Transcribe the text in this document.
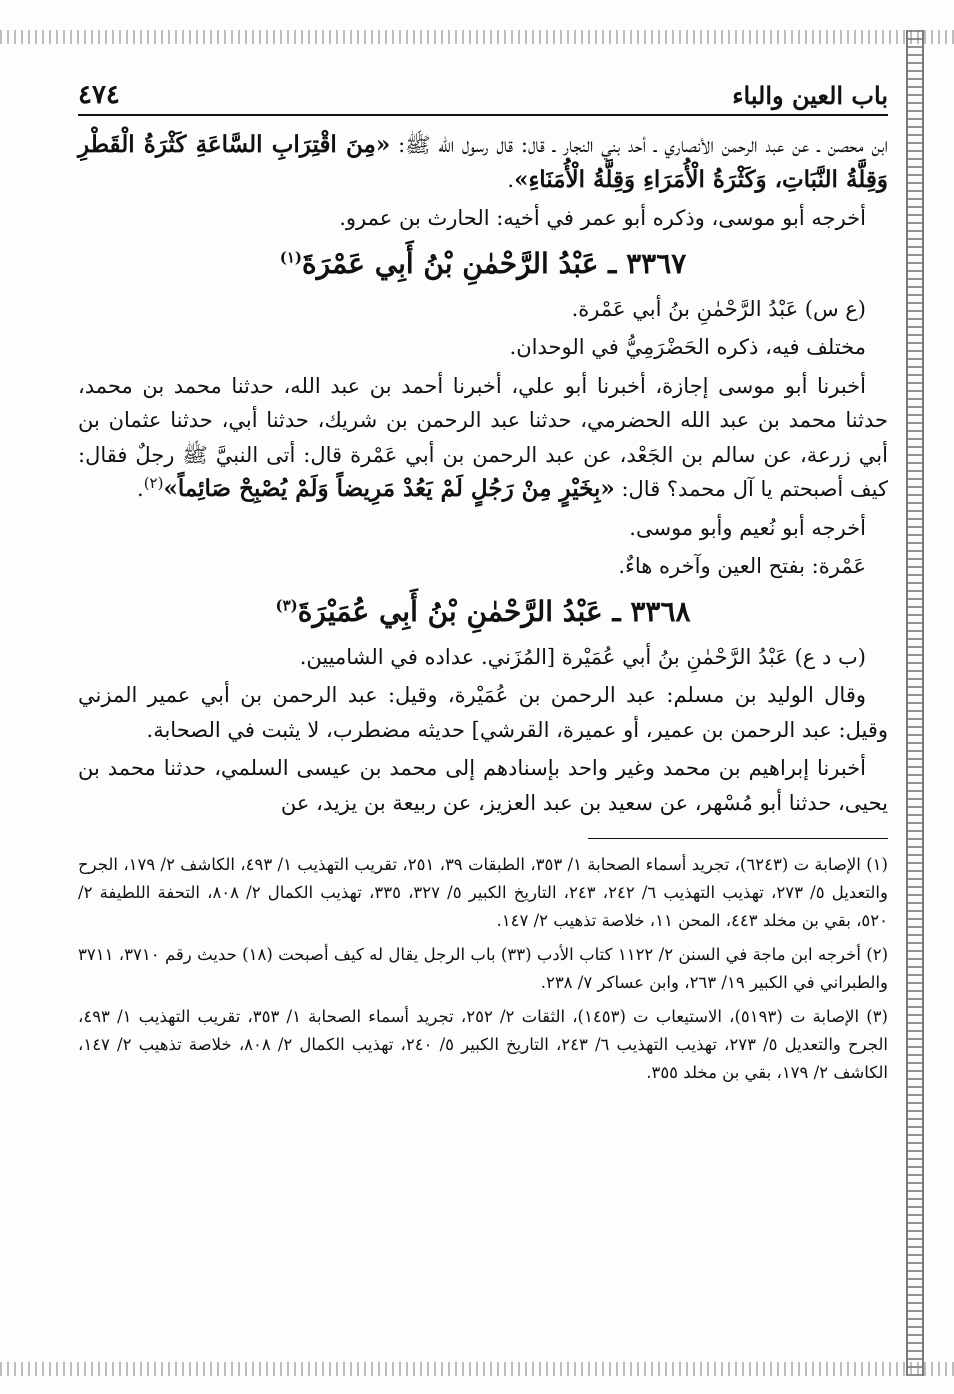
باب العين والباء
٤٧٤

ابن محصن ـ عن عبد الرحمن الأنصاري ـ أحد بني النجار ـ قال: قال رسول الله ﷺ: «مِنَ اقْتِرَابِ السَّاعَةِ كَثْرَةُ الْقَطْرِ وَقِلَّةُ النَّبَاتِ، وَكَثْرَةُ الْأُمَرَاءِ وَقِلَّةُ الْأُمَنَاءِ».

أخرجه أبو موسى، وذكره أبو عمر في أخيه: الحارث بن عمرو.

٣٣٦٧ ـ عَبْدُ الرَّحْمٰنِ بْنُ أَبِي عَمْرَةَ$^{(١)}$

(ع س) عَبْدُ الرَّحْمٰنِ بنُ أبي عَمْرة.

مختلف فيه، ذكره الحَضْرَمِيُّ في الوحدان.

أخبرنا أبو موسى إجازة، أخبرنا أبو علي، أخبرنا أحمد بن عبد الله، حدثنا محمد بن محمد، حدثنا محمد بن عبد الله الحضرمي، حدثنا عبد الرحمن بن شريك، حدثنا أبي، حدثنا عثمان بن أبي زرعة، عن سالم بن الجَعْد، عن عبد الرحمن بن أبي عَمْرة قال: أتى النبيَّ ﷺ رجلٌ فقال: كيف أصبحتم يا آل محمد؟ قال: «بِخَيْرٍ مِنْ رَجُلٍ لَمْ يَعُدْ مَرِيضاً وَلَمْ يُصْبِحْ صَائِماً»$^{(٢)}$.

أخرجه أبو نُعيم وأبو موسى.

عَمْرة: بفتح العين وآخره هاءٌ.

٣٣٦٨ ـ عَبْدُ الرَّحْمٰنِ بْنُ أَبِي عُمَيْرَةَ$^{(٣)}$

(ب د ع) عَبْدُ الرَّحْمٰنِ بنُ أبي عُمَيْرة [المُزَني. عداده في الشاميين.

وقال الوليد بن مسلم: عبد الرحمن بن عُمَيْرة، وقيل: عبد الرحمن بن أبي عمير المزني وقيل: عبد الرحمن بن عمير، أو عميرة، القرشي] حديثه مضطرب، لا يثبت في الصحابة.

أخبرنا إبراهيم بن محمد وغير واحد بإسنادهم إلى محمد بن عيسى السلمي، حدثنا محمد بن يحيى، حدثنا أبو مُسْهر، عن سعيد بن عبد العزيز، عن ربيعة بن يزيد، عن

(١) الإصابة ت (٦٢٤٣)، تجريد أسماء الصحابة ١/ ٣٥٣، الطبقات ٣٩، ٢٥١، تقريب التهذيب ١/ ٤٩٣، الكاشف ٢/ ١٧٩، الجرح والتعديل ٥/ ٢٧٣، تهذيب التهذيب ٦/ ٢٤٢، ٢٤٣، التاريخ الكبير ٥/ ٣٢٧، ٣٣٥، تهذيب الكمال ٢/ ٨٠٨، التحفة اللطيفة ٢/ ٥٢٠، بقي بن مخلد ٤٤٣، المحن ١١، خلاصة تذهيب ٢/ ١٤٧.

(٢) أخرجه ابن ماجة في السنن ٢/ ١١٢٢ كتاب الأدب (٣٣) باب الرجل يقال له كيف أصبحت (١٨) حديث رقم ٣٧١٠، ٣٧١١ والطبراني في الكبير ١٩/ ٢٦٣، وابن عساكر ٧/ ٢٣٨.

(٣) الإصابة ت (٥١٩٣)، الاستيعاب ت (١٤٥٣)، الثقات ٢/ ٢٥٢، تجريد أسماء الصحابة ١/ ٣٥٣، تقريب التهذيب ١/ ٤٩٣، الجرح والتعديل ٥/ ٢٧٣، تهذيب التهذيب ٦/ ٢٤٣، التاريخ الكبير ٥/ ٢٤٠، تهذيب الكمال ٢/ ٨٠٨، خلاصة تذهيب ٢/ ١٤٧، الكاشف ٢/ ١٧٩، بقي بن مخلد ٣٥٥.
